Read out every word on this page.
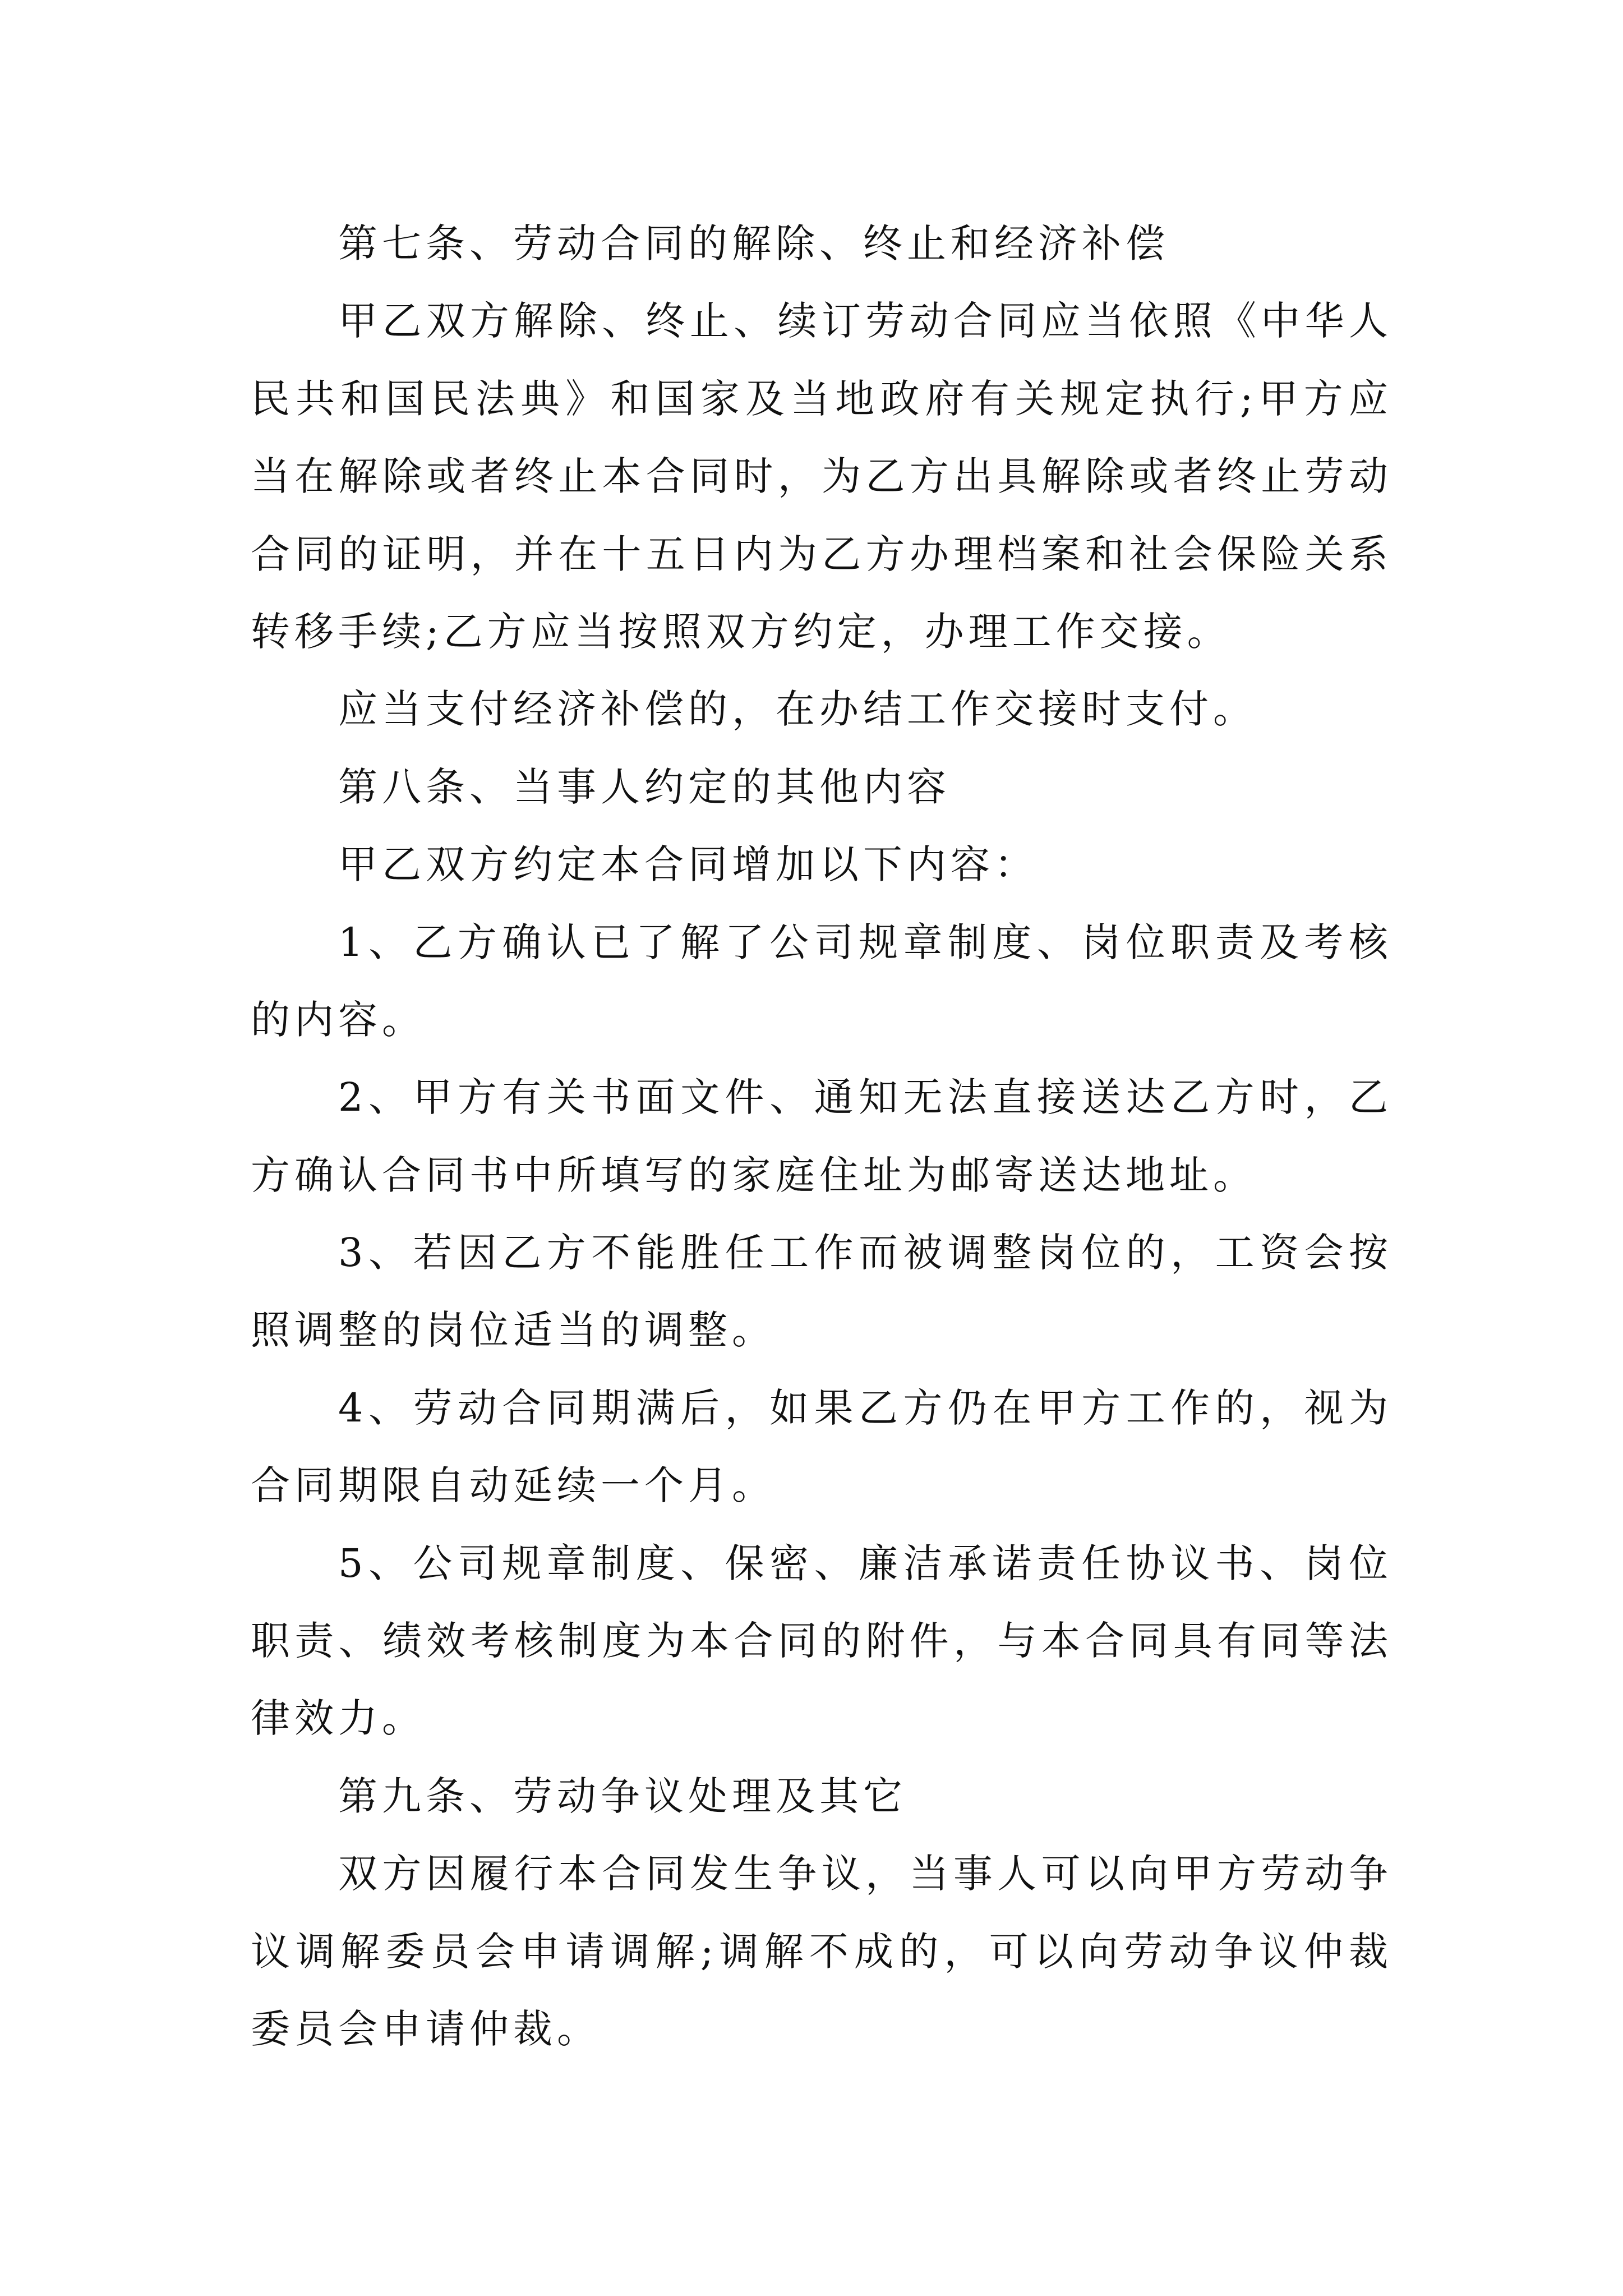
第七条、劳动合同的解除、终止和经济补偿
甲乙双方解除、终止、续订劳动合同应当依照《中华人
民共和国民法典》和国家及当地政府有关规定执行;甲方应
当在解除或者终止本合同时，为乙方出具解除或者终止劳动
合同的证明，并在十五日内为乙方办理档案和社会保险关系
转移手续;乙方应当按照双方约定，办理工作交接。
应当支付经济补偿的，在办结工作交接时支付。
第八条、当事人约定的其他内容
甲乙双方约定本合同增加以下内容：
1、乙方确认已了解了公司规章制度、岗位职责及考核
的内容。
2、甲方有关书面文件、通知无法直接送达乙方时，乙
方确认合同书中所填写的家庭住址为邮寄送达地址。
3、若因乙方不能胜任工作而被调整岗位的，工资会按
照调整的岗位适当的调整。
4、劳动合同期满后，如果乙方仍在甲方工作的，视为
合同期限自动延续一个月。
5、公司规章制度、保密、廉洁承诺责任协议书、岗位
职责、绩效考核制度为本合同的附件，与本合同具有同等法
律效力。
第九条、劳动争议处理及其它
双方因履行本合同发生争议，当事人可以向甲方劳动争
议调解委员会申请调解;调解不成的，可以向劳动争议仲裁
委员会申请仲裁。
